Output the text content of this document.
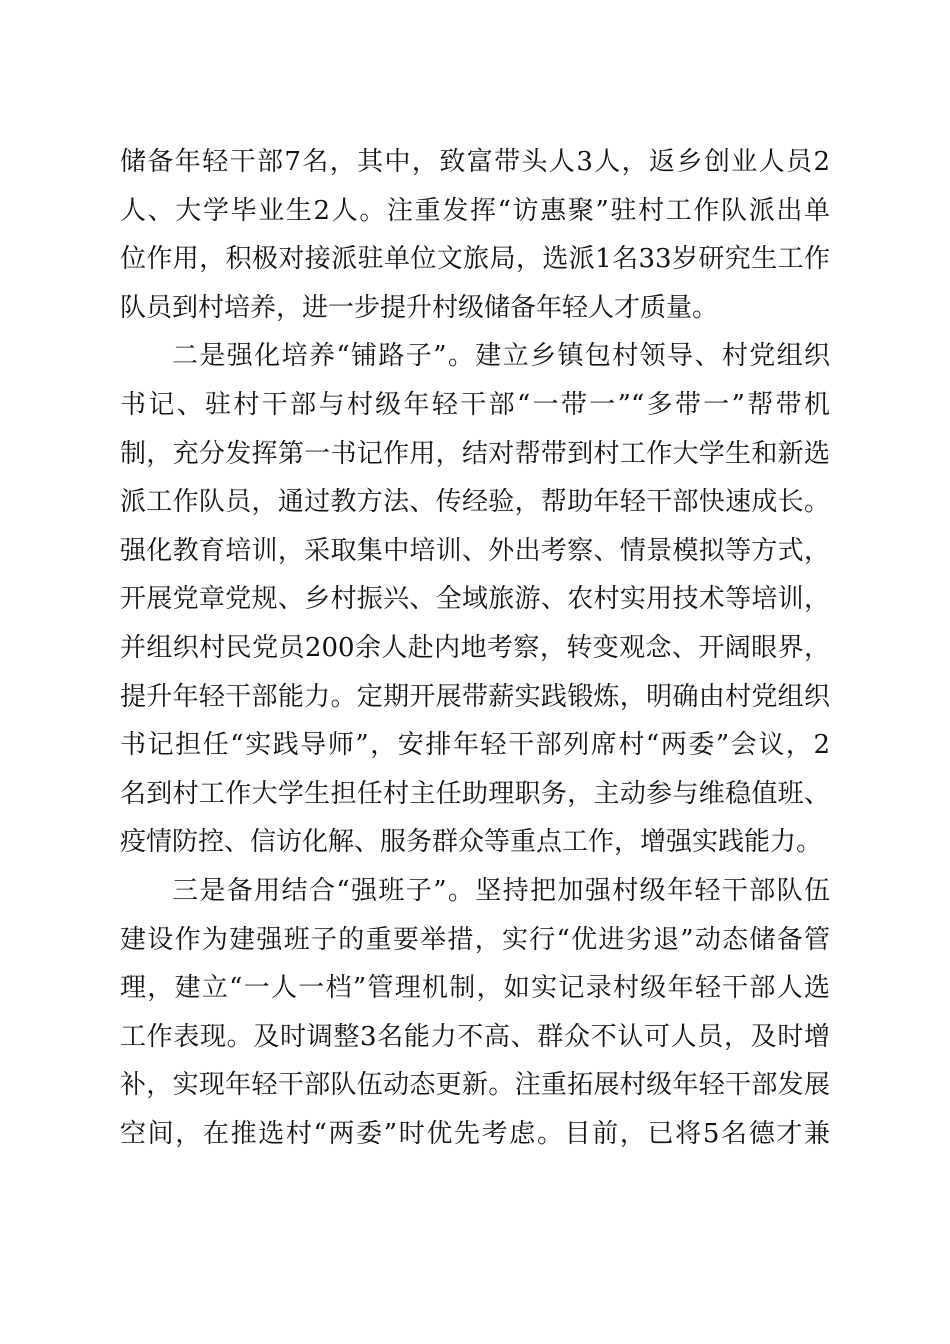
储备年轻干部7名，其中，致富带头人3人，返乡创业人员2
人、大学毕业生2人。注重发挥“访惠聚”驻村工作队派出单
位作用，积极对接派驻单位文旅局，选派1名33岁研究生工作
队员到村培养，进一步提升村级储备年轻人才质量。
二是强化培养“铺路子”。建立乡镇包村领导、村党组织
书记、驻村干部与村级年轻干部“一带一”“多带一”帮带机
制，充分发挥第一书记作用，结对帮带到村工作大学生和新选
派工作队员，通过教方法、传经验，帮助年轻干部快速成长。
强化教育培训，采取集中培训、外出考察、情景模拟等方式，
开展党章党规、乡村振兴、全域旅游、农村实用技术等培训，
并组织村民党员200余人赴内地考察，转变观念、开阔眼界，
提升年轻干部能力。定期开展带薪实践锻炼，明确由村党组织
书记担任“实践导师”，安排年轻干部列席村“两委”会议，2
名到村工作大学生担任村主任助理职务，主动参与维稳值班、
疫情防控、信访化解、服务群众等重点工作，增强实践能力。
三是备用结合“强班子”。坚持把加强村级年轻干部队伍
建设作为建强班子的重要举措，实行“优进劣退”动态储备管
理，建立“一人一档”管理机制，如实记录村级年轻干部人选
工作表现。及时调整3名能力不高、群众不认可人员，及时增
补，实现年轻干部队伍动态更新。注重拓展村级年轻干部发展
空间，在推选村“两委”时优先考虑。目前，已将5名德才兼
